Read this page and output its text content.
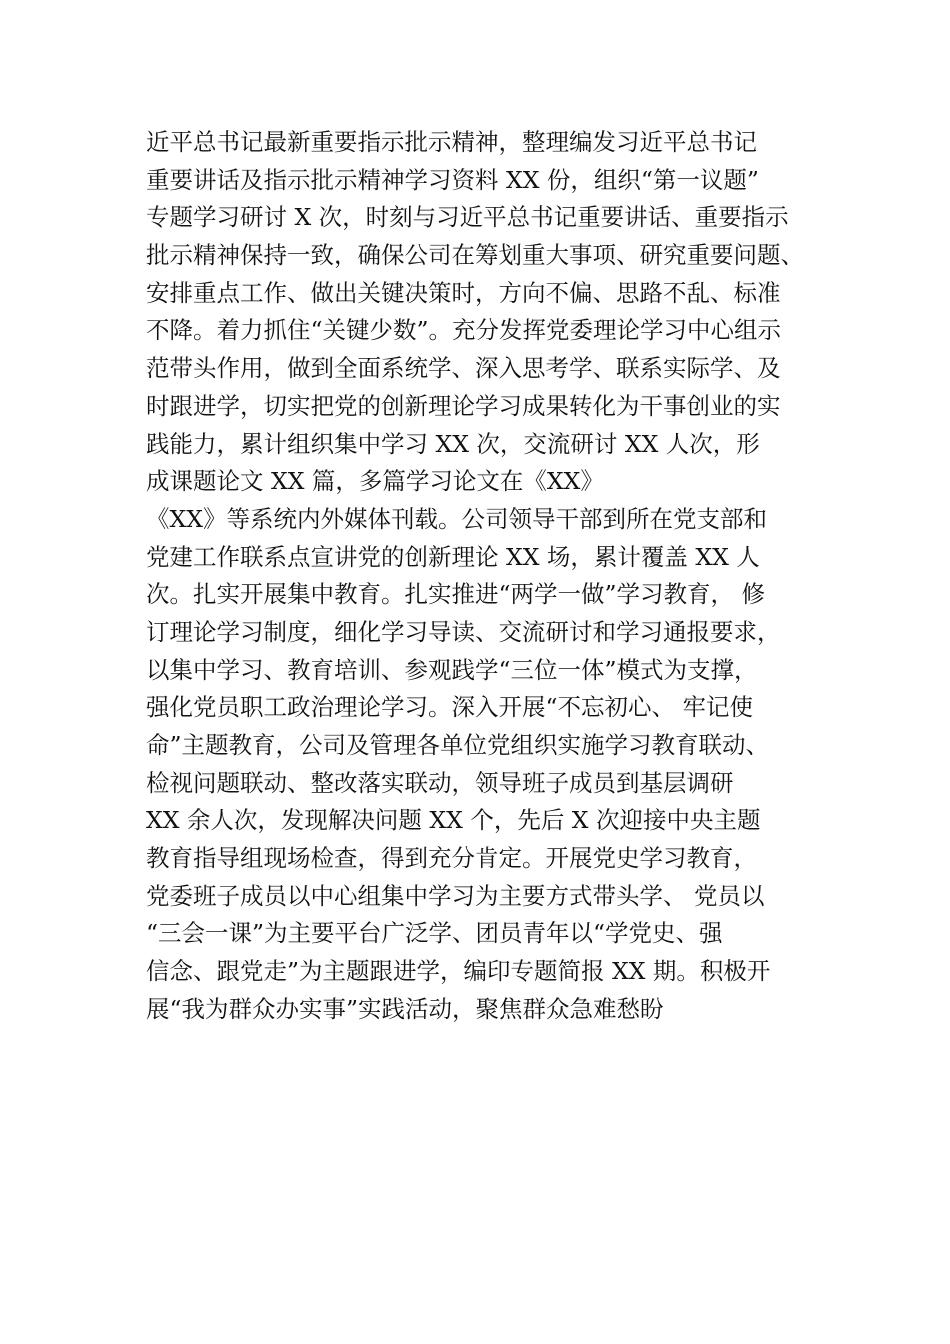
近平总书记最新重要指示批示精神，整理编发习近平总书记
重要讲话及指示批示精神学习资料 XX 份，组织“第一议题”
专题学习研讨 X 次，时刻与习近平总书记重要讲话、重要指示
批示精神保持一致，确保公司在筹划重大事项、研究重要问题、
安排重点工作、做出关键决策时，方向不偏、思路不乱、标准
不降。着力抓住“关键少数”。充分发挥党委理论学习中心组示
范带头作用，做到全面系统学、深入思考学、联系实际学、及
时跟进学，切实把党的创新理论学习成果转化为干事创业的实
践能力，累计组织集中学习 XX 次，交流研讨 XX 人次，形
成课题论文 XX 篇，多篇学习论文在《XX》
《XX》等系统内外媒体刊载。公司领导干部到所在党支部和
党建工作联系点宣讲党的创新理论 XX 场，累计覆盖 XX 人
次。扎实开展集中教育。扎实推进“两学一做”学习教育， 修
订理论学习制度，细化学习导读、交流研讨和学习通报要求，
以集中学习、教育培训、参观践学“三位一体”模式为支撑，
强化党员职工政治理论学习。深入开展“不忘初心、 牢记使
命”主题教育，公司及管理各单位党组织实施学习教育联动、
检视问题联动、整改落实联动，领导班子成员到基层调研
XX 余人次，发现解决问题 XX 个，先后 X 次迎接中央主题
教育指导组现场检查，得到充分肯定。开展党史学习教育，
党委班子成员以中心组集中学习为主要方式带头学、 党员以
“三会一课”为主要平台广泛学、团员青年以“学党史、强
信念、跟党走”为主题跟进学，编印专题简报 XX 期。积极开
展“我为群众办实事”实践活动，聚焦群众急难愁盼
